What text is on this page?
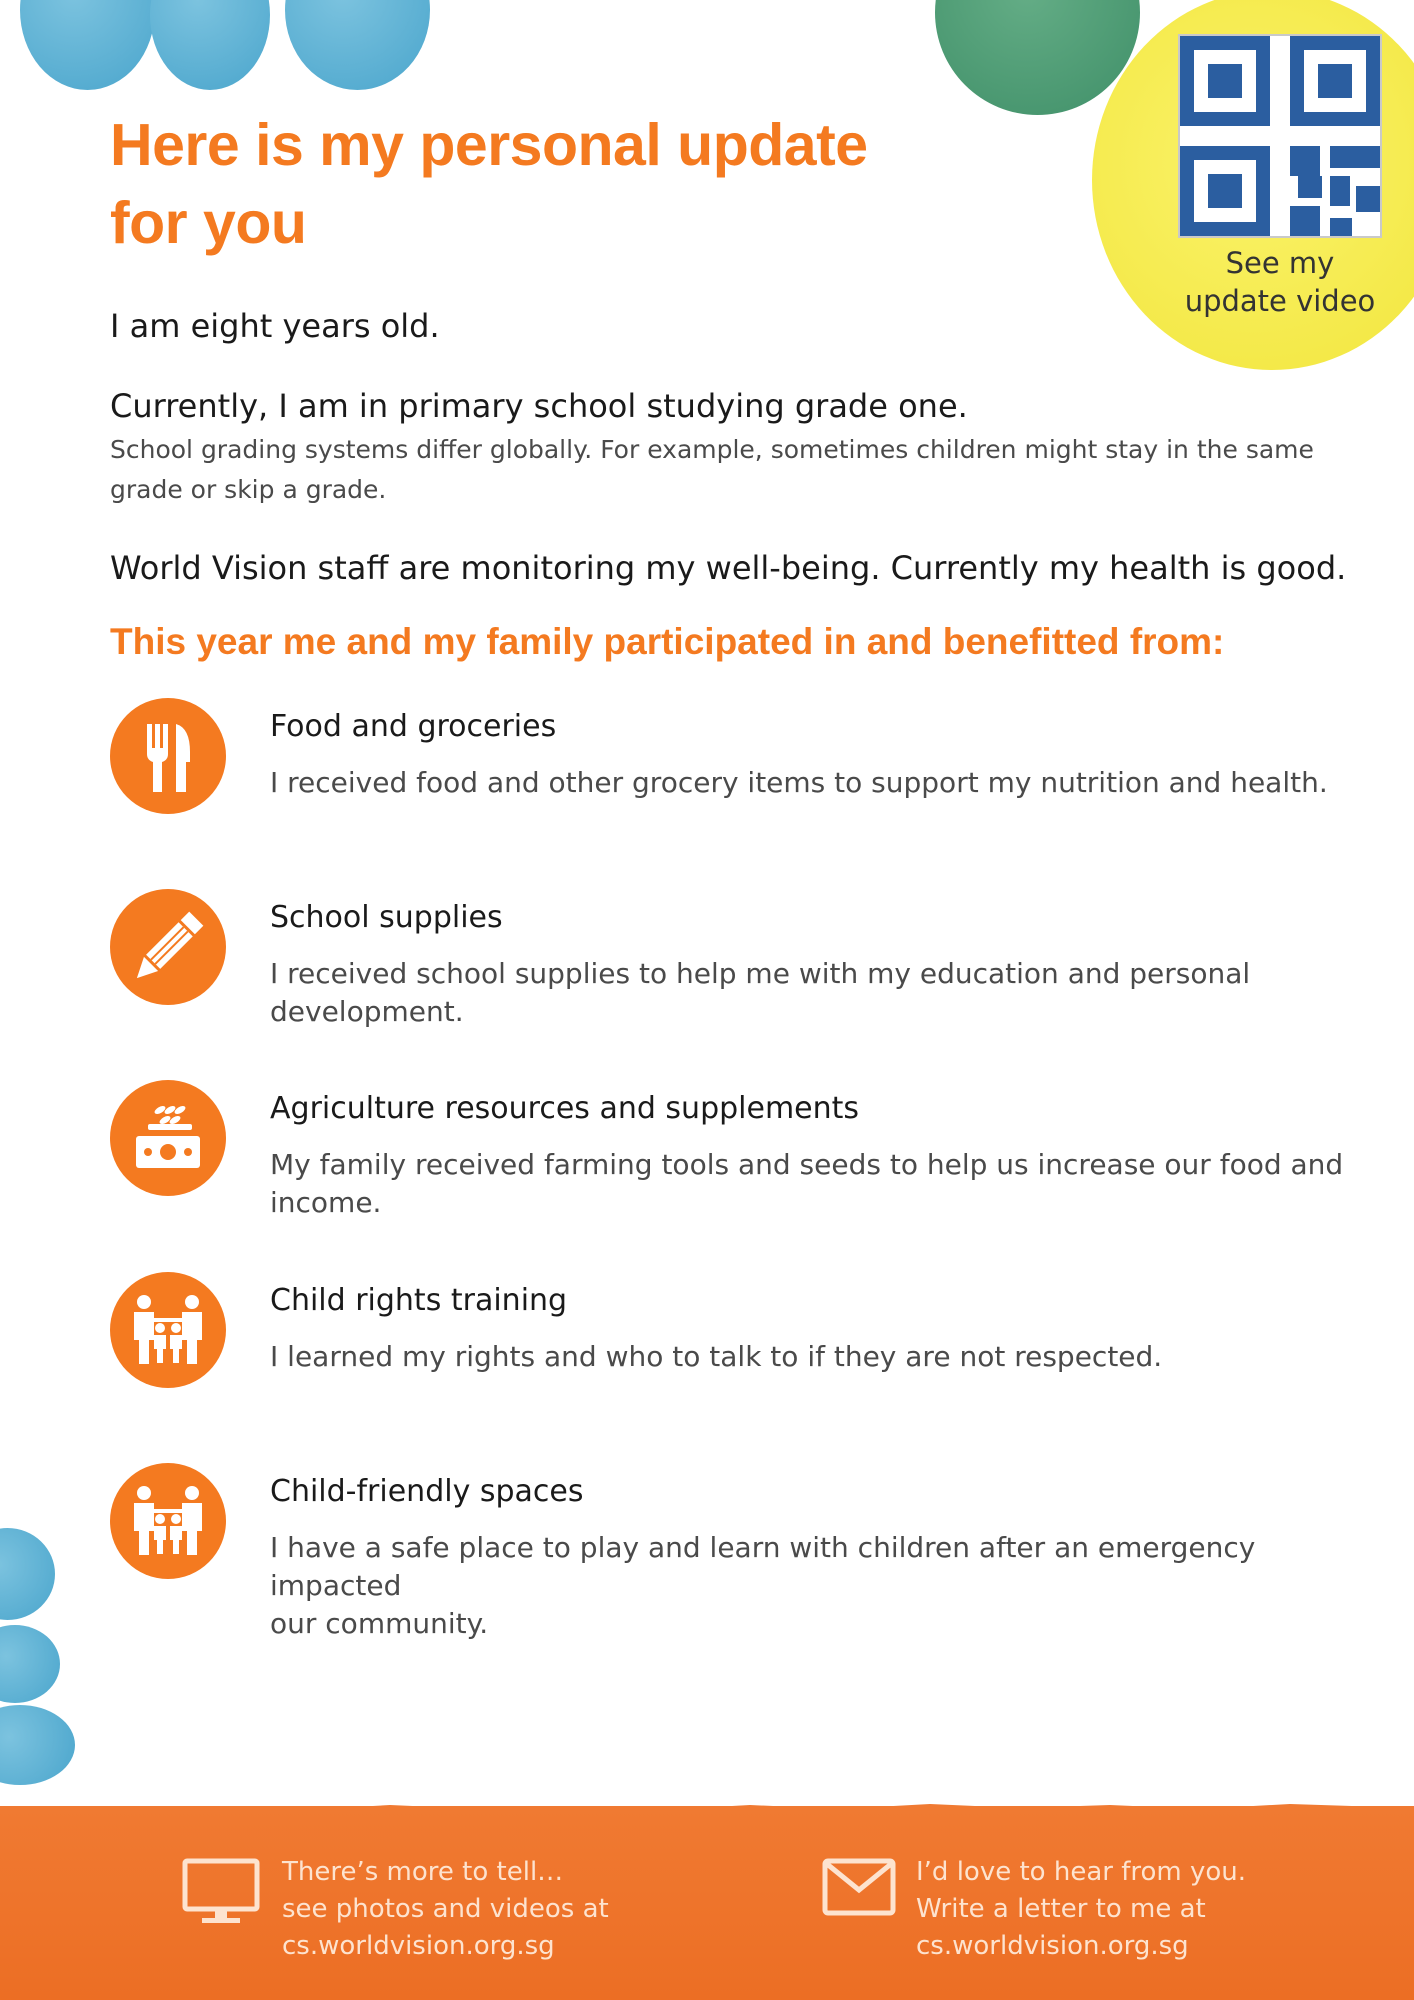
See my
update video
Here is my personal update
for you
I am eight years old.
Currently, I am in primary school studying grade one.
School grading systems differ globally. For example, sometimes children might stay in the same
grade or skip a grade.
World Vision staff are monitoring my well-being. Currently my health is good.
This year me and my family participated in and benefitted from:
Food and groceries
I received food and other grocery items to support my nutrition and health.
School supplies
I received school supplies to help me with my education and personal
development.
Agriculture resources and supplements
My family received farming tools and seeds to help us increase our food and
income.
Child rights training
I learned my rights and who to talk to if they are not respected.
Child-friendly spaces
I have a safe place to play and learn with children after an emergency impacted
our community.
There’s more to tell…
see photos and videos at
cs.worldvision.org.sg
I’d love to hear from you.
Write a letter to me at
cs.worldvision.org.sg
